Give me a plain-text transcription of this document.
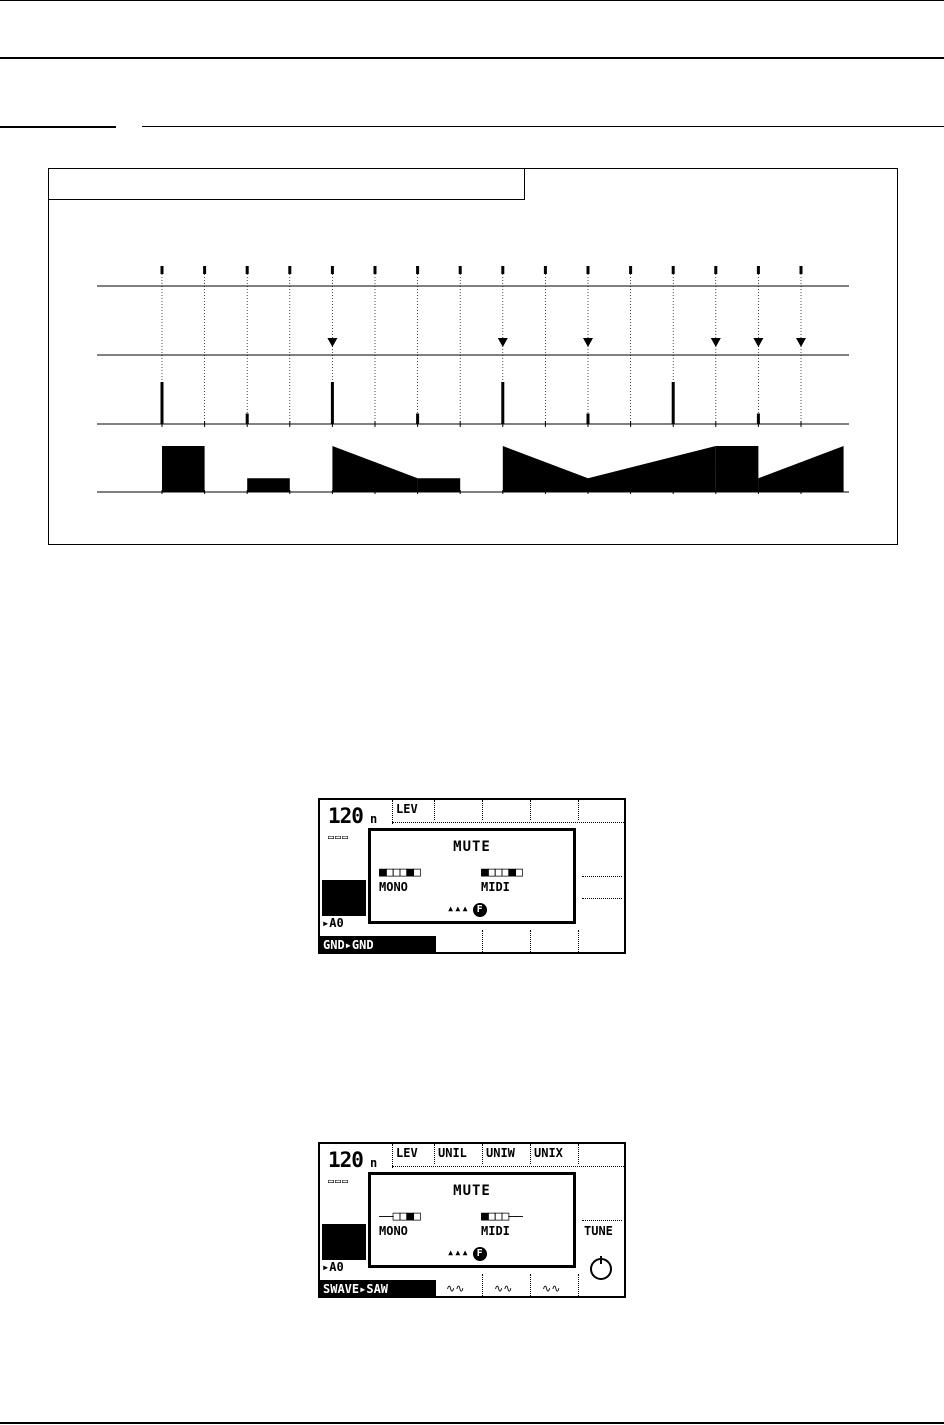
120 n
▭▭▭
LEV
▸A0
GND▸GND
MUTE
■□□□■□	■□□□■□
MONO	MIDI
▴▴▴ F
120 n
▭▭▭
LEV UNIL UNIW UNIX
TUNE
∿∿	∿∿	∿∿
▸A0
SWAVE▸SAW
MUTE
––□□■□	■□□□––
MONO	MIDI
▴▴▴ F
